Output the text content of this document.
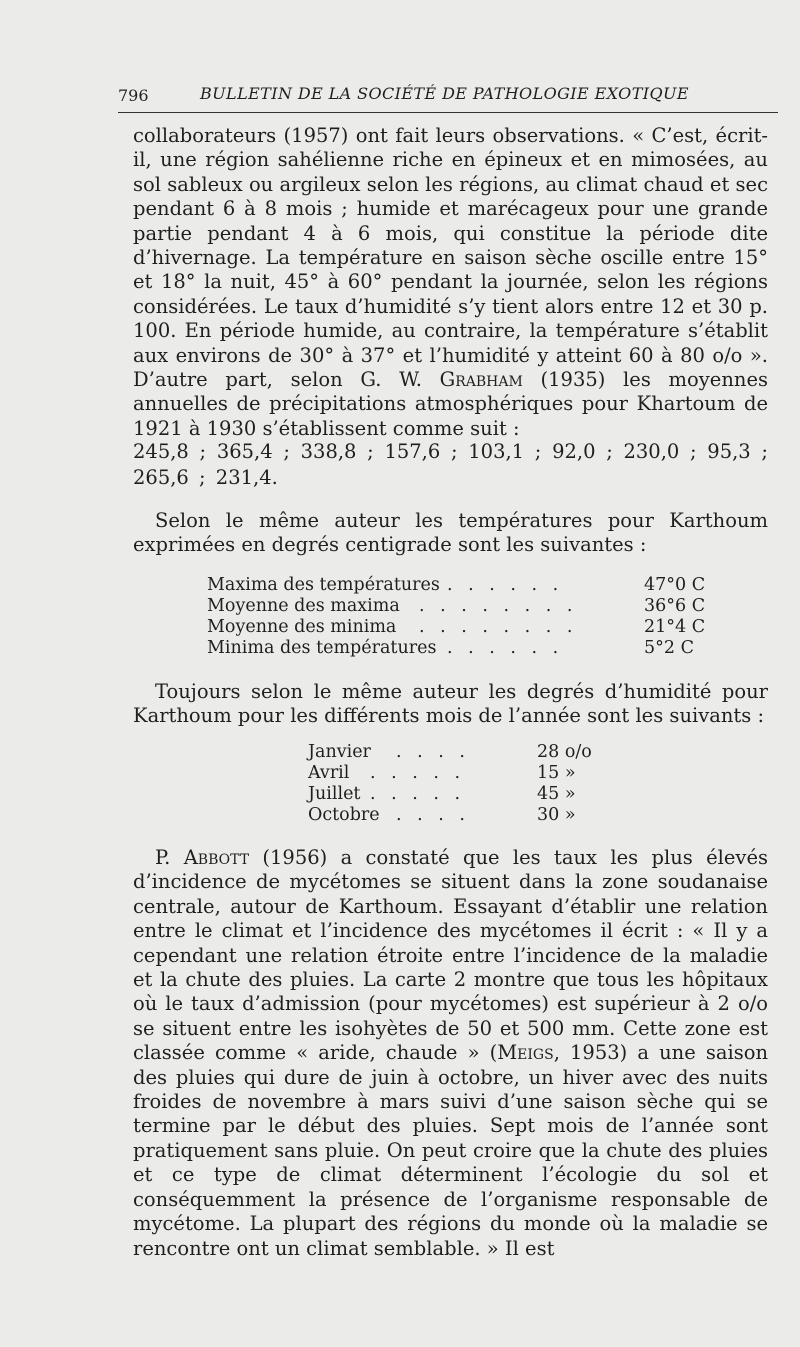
796	BULLETIN DE LA SOCIÉTÉ DE PATHOLOGIE EXOTIQUE

collaborateurs (1957) ont fait leurs observations. « C’est, écrit-il, une région sahélienne riche en épineux et en mimosées, au sol sableux ou argileux selon les régions, au climat chaud et sec pendant 6 à 8 mois ; humide et marécageux pour une grande partie pendant 4 à 6 mois, qui constitue la période dite d’hivernage. La température en saison sèche oscille entre 15° et 18° la nuit, 45° à 60° pendant la journée, selon les régions considérées. Le taux d’humidité s’y tient alors entre 12 et 30 p. 100. En période humide, au contraire, la température s’établit aux environs de 30° à 37° et l’humidité y atteint 60 à 80 o/o ». D’autre part, selon G. W. Grabham (1935) les moyennes annuelles de précipitations atmosphériques pour Khartoum de 1921 à 1930 s’établissent comme suit :

245,8 ; 365,4 ; 338,8 ; 157,6 ; 103,1 ; 92,0 ; 230,0 ; 95,3 ; 265,6 ; 231,4.

Selon le même auteur les températures pour Karthoum exprimées en degrés centigrade sont les suivantes :

Maxima des températures . . . . . .	47°0 C
Moyenne des maxima . . . . . . . .	36°6 C
Moyenne des minima . . . . . . . .	21°4 C
Minima des températures . . . . . .	5°2 C

Toujours selon le même auteur les degrés d’humidité pour Karthoum pour les différents mois de l’année sont les suivants :

Janvier . . . .	28 o/o
Avril . . . . .	15 »
Juillet . . . . .	45 »
Octobre . . . .	30 »

P. Abbott (1956) a constaté que les taux les plus élevés d’incidence de mycétomes se situent dans la zone soudanaise centrale, autour de Karthoum. Essayant d’établir une relation entre le climat et l’incidence des mycétomes il écrit : « Il y a cependant une relation étroite entre l’incidence de la maladie et la chute des pluies. La carte 2 montre que tous les hôpitaux où le taux d’admission (pour mycétomes) est supérieur à 2 o/o se situent entre les isohyètes de 50 et 500 mm. Cette zone est classée comme « aride, chaude » (Meigs, 1953) a une saison des pluies qui dure de juin à octobre, un hiver avec des nuits froides de novembre à mars suivi d’une saison sèche qui se termine par le début des pluies. Sept mois de l’année sont pratiquement sans pluie. On peut croire que la chute des pluies et ce type de climat déterminent l’écologie du sol et conséquemment la présence de l’organisme responsable de mycétome. La plupart des régions du monde où la maladie se rencontre ont un climat semblable. » Il est
